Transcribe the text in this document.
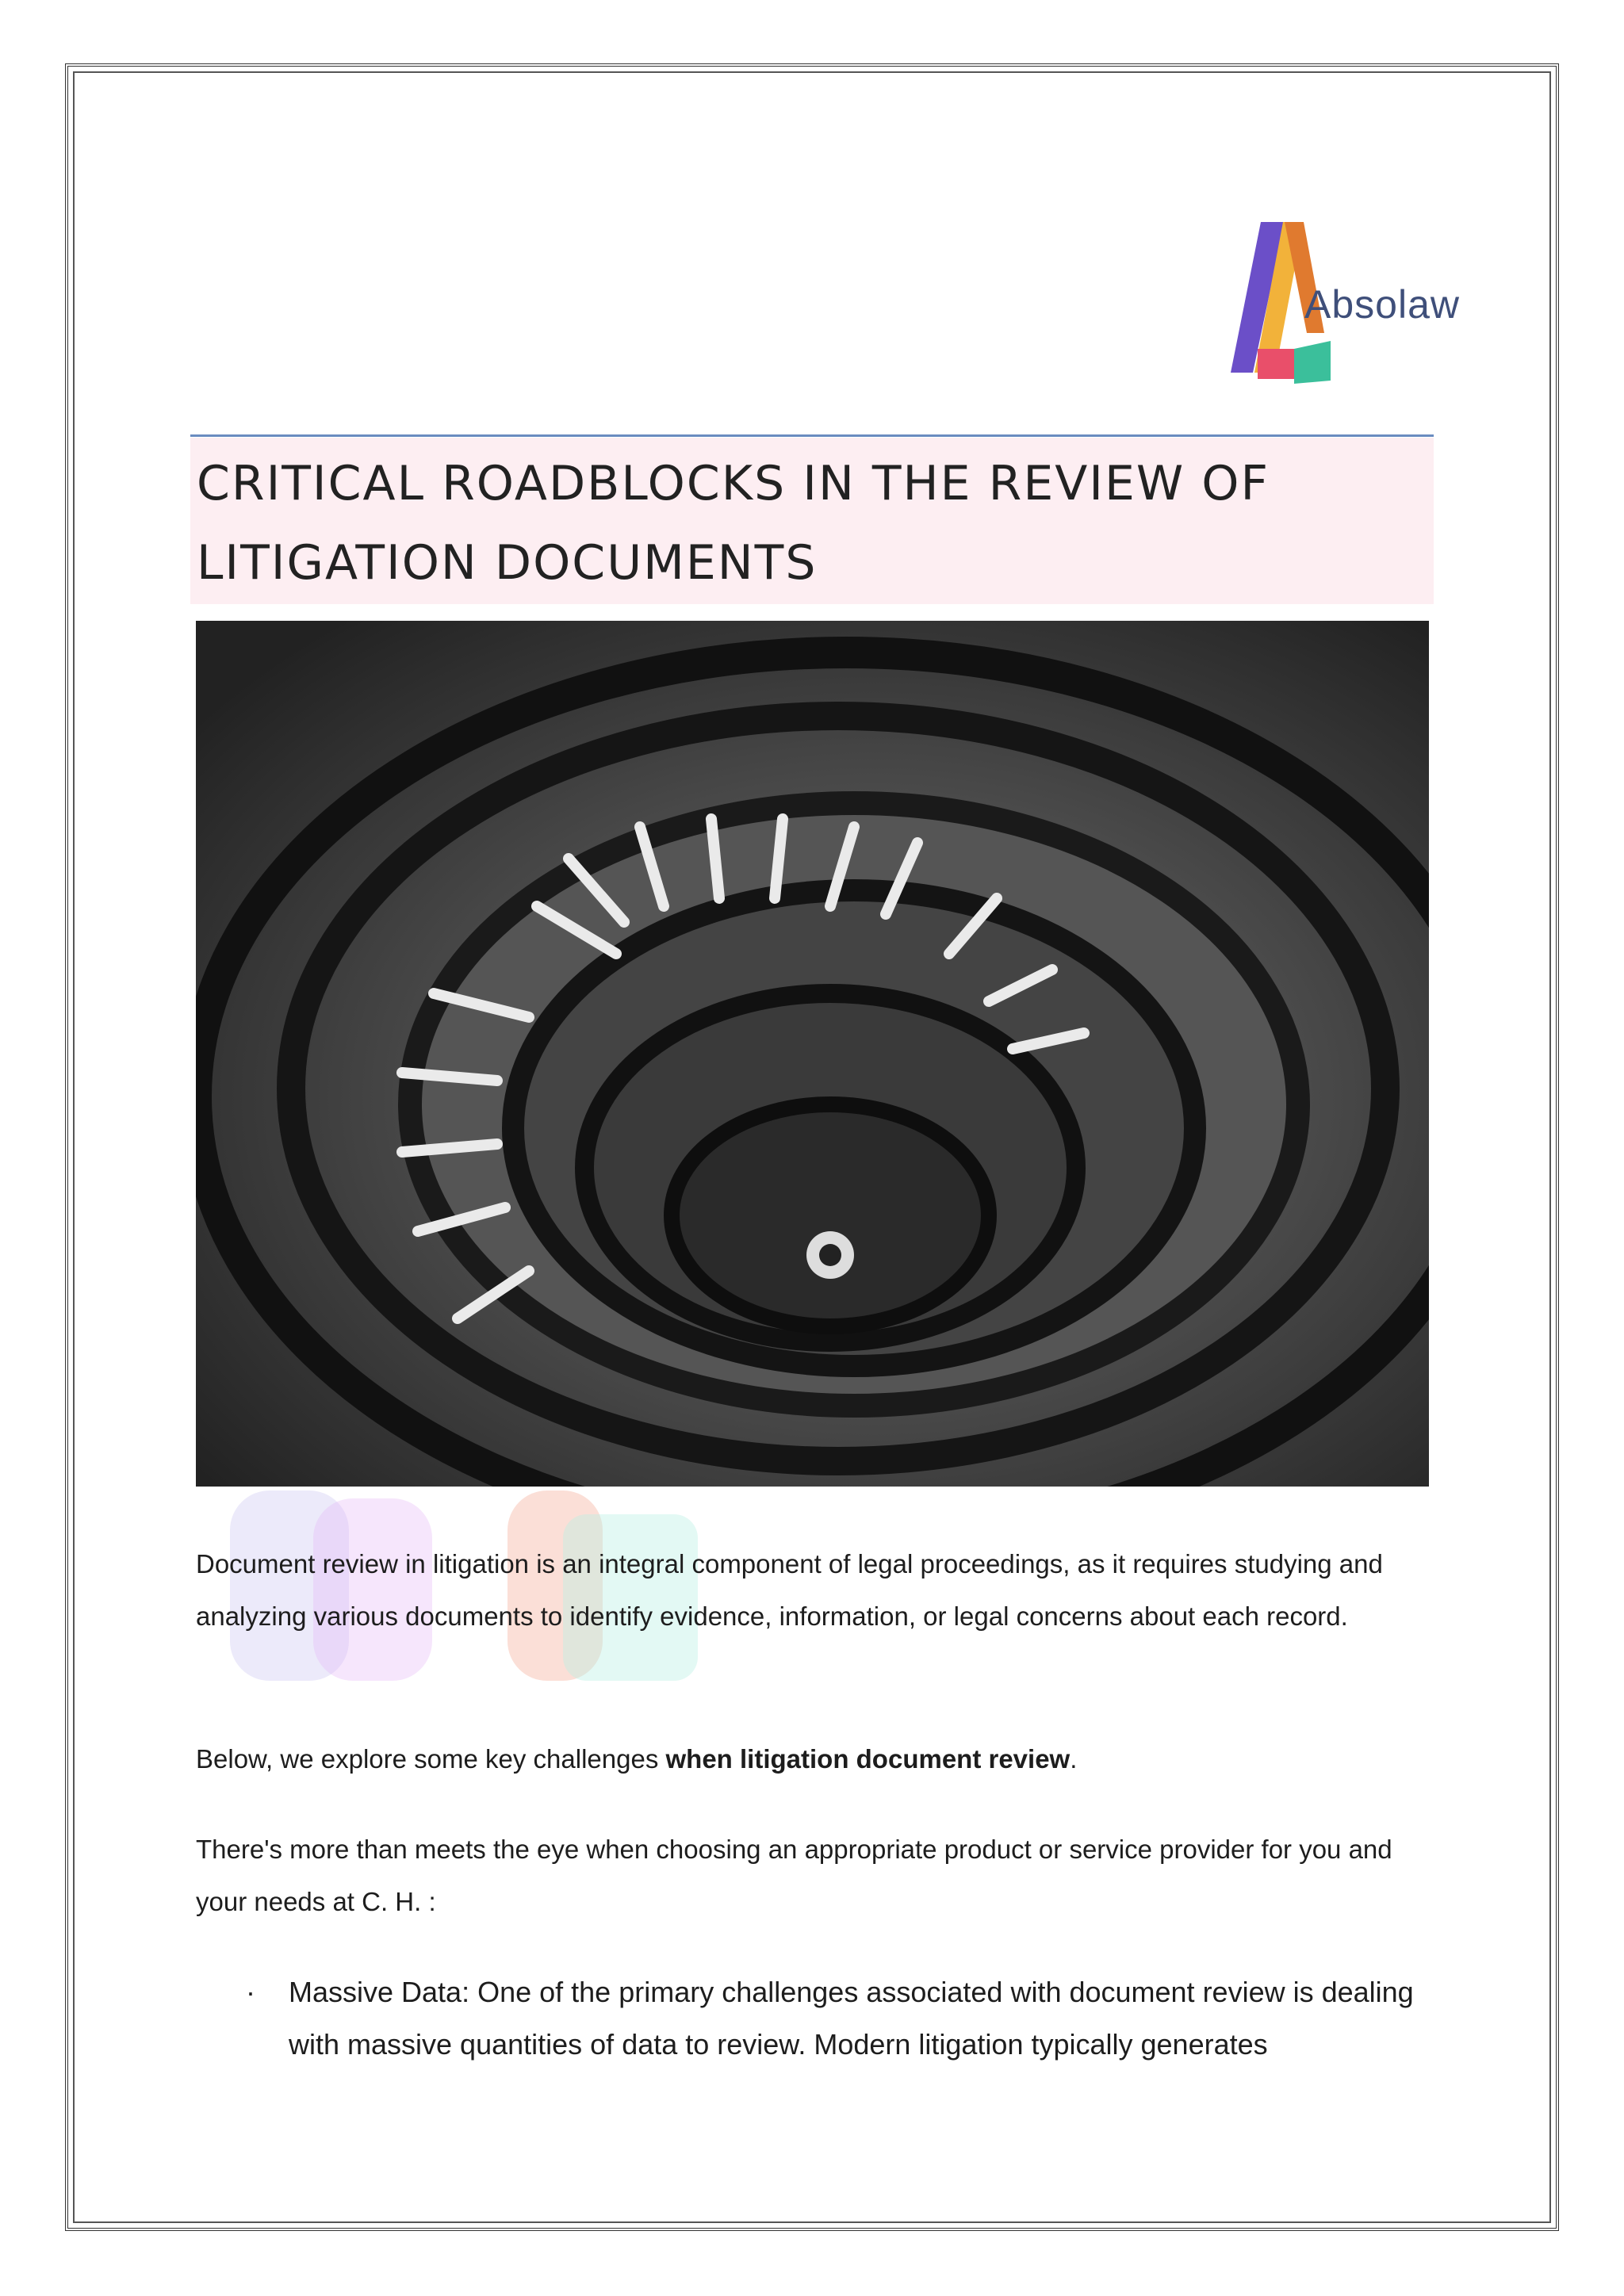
Absolaw
CRITICAL ROADBLOCKS IN THE REVIEW OF
LITIGATION DOCUMENTS

Document review in litigation is an integral component of legal proceedings, as it requires studying and analyzing various documents to identify evidence, information, or legal concerns about each record.

Below, we explore some key challenges when litigation document review.

There's more than meets the eye when choosing an appropriate product or service provider for you and your needs at C. H. :

· Massive Data: One of the primary challenges associated with document review is dealing with massive quantities of data to review. Modern litigation typically generates
